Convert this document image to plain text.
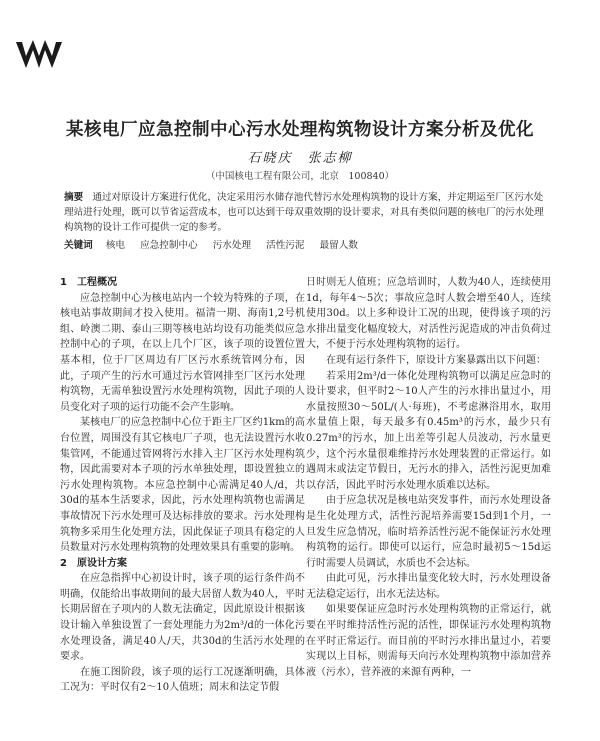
某核电厂应急控制中心污水处理构筑物设计方案分析及优化
石晓庆　张志柳
（中国核电工程有限公司，北京　100840）
摘要 通过对原设计方案进行优化，决定采用污水储存池代替污水处理构筑物的设计方案，并定期运至厂区污水处理站进行处理，既可以节省运营成本，也可以达到干母双重效期的设计要求，对具有类似问题的核电厂的污水处理构筑物的设计工作可提供一定的参考。
关键词 核电 应急控制中心 污水处理 活性污泥 最留人数
1　工程概况

应急控制中心为核电站内一个较为特殊的子项，在核电站事故期间才投入使用。福清一期、海南1,2号机组、岭澳二期、泰山三期等核电站均设有功能类似应急控制中心的子项，在以上几个厂区，该子项的设置位置基本相，位于厂区周边有厂区污水系统管网分布，因此，子项产生的污水可通过污水管网排至厂区污水处理构筑物，无需单独设置污水处理构筑物，因此子项的人员变化对子项的运行功能不会产生影响。

某核电厂的应急控制中心位于距主厂区约1km的高台位置，周围没有其它核电厂子项，也无法设置污水收集管网，不能通过管网将污水排入主厂区污水处理构筑物，因此需要对本子项的污水单独处理，即设置独立的污水处理构筑物。本应急控制中心需满足40人/d，共30d的基本生活要求，因此，污水处理构筑物也需满足事故情况下污水处理可及达标排放的要求。污水处理构筑物多采用生化处理方法，因此保证子项具有稳定的人员数量对污水处理构筑物的处理效果具有重要的影响。

2　原设计方案

在应急指挥中心初设计时，该子项的运行条件尚不明确，仅能给出事故期间的最大居留人数为40人，平时长期居留在子项内的人数无法确定，因此原设计根据该设计输入单独设置了一套处理能力为2m³/d的一体化污水处理设备，满足40人/天，共30d的生活污水处理的要求。

在施工图阶段，该子项的运行工况逐渐明确，具体工况为：平时仅有2～10人值班；周末和法定节假

日时则无人值班；应急培训时，人数为40人，连续使用1d，每年4～5次；事故应急时人数会增至40人，连续使用30d。以上多种设计工况的出现，使得该子项的污水排出量变化幅度较大，对活性污泥造成的冲击负荷过大，不便于污水处理构筑物的运行。

在现有运行条件下，原设计方案暴露出以下问题：

若采用2m³/d一体化处理构筑物可以满足应急时的设计要求，但平时2～10人产生的污水排出量过小，用水量按照30～50L/(人·每班)，不考虑淋浴用水，取用水量值上限，每天最多有0.45m³的污水，最少只有0.27m³的污水，加上出差等引起人员波动，污水量更少，这个污水量很难维持污水处理装置的正常运行。如遇周末或法定节假日，无污水的排入，活性污泥更加难以存活，因此平时污水处理水质难以达标。

由于应急状况是核电站突发事件，而污水处理设备是生化处理方式，活性污泥培养需要15d到1个月，一旦发生应急情况，临时培养活性污泥不能保证污水处理构筑物的运行。即使可以运行，应急时最初5～15d运行时需要人员调试，水质也不会达标。

由此可见，污水排出量变化较大时，污水处理设备无法稳定运行，出水无法达标。

如果要保证应急时污水处理构筑物的正常运行，就要在平时维持活性污泥的活性，即保证污水处理构筑物在平时正常运行。而目前的平时污水排出量过小，若要实现以上目标，则需每天向污水处理构筑物中添加营养液（污水），营养液的来源有两种，一
